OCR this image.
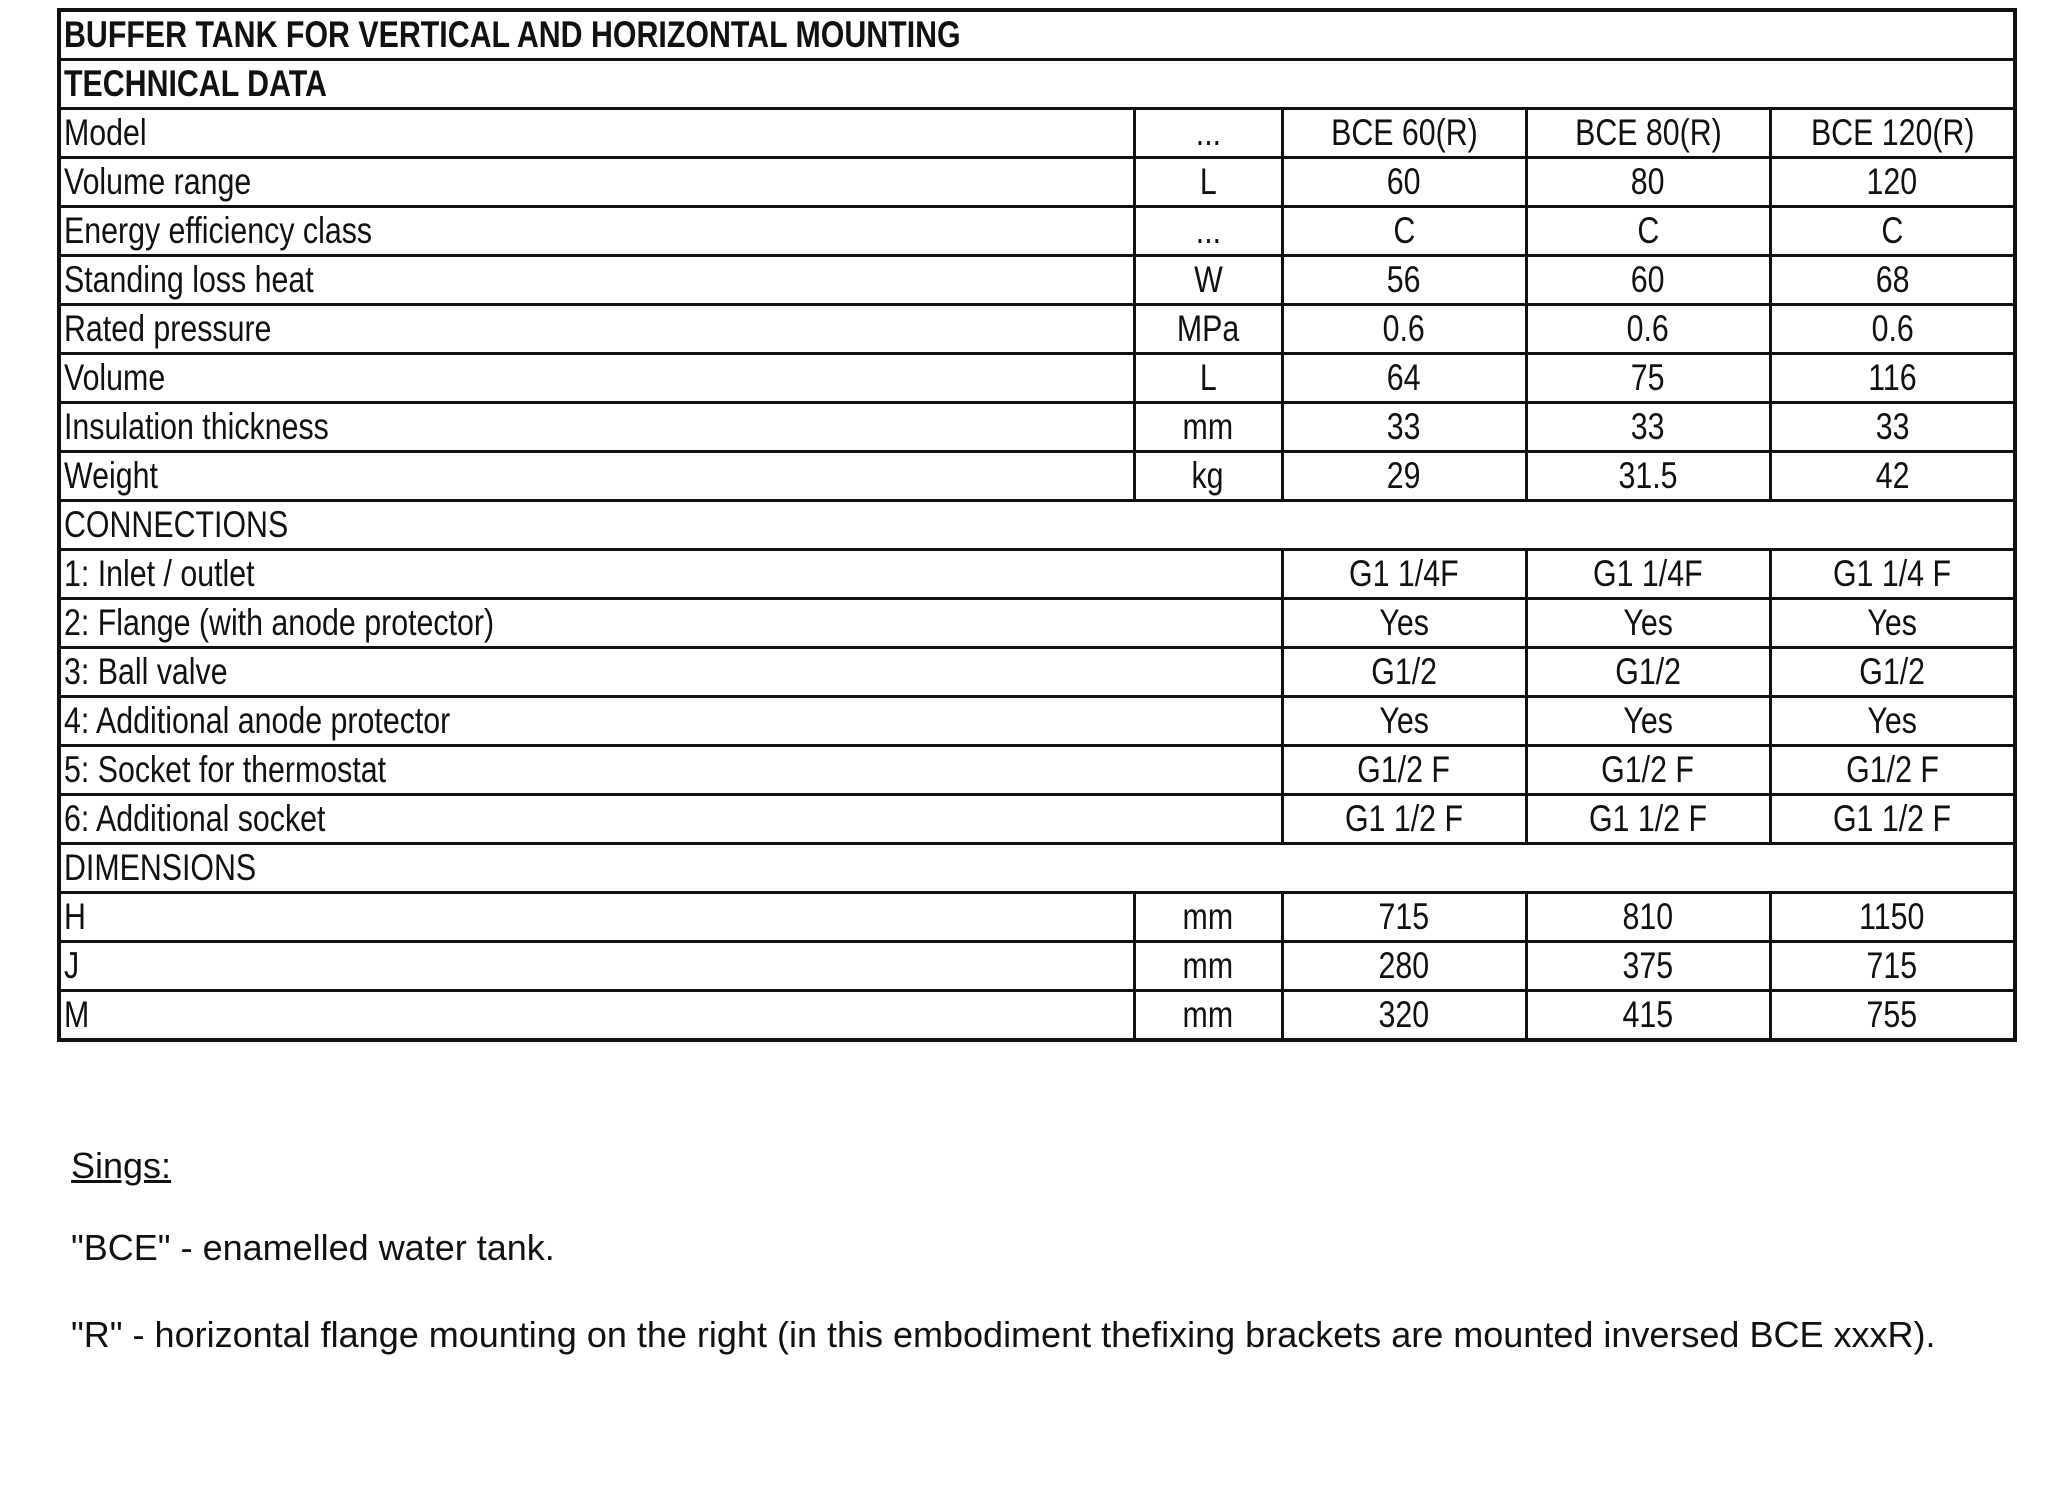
BUFFER TANK FOR VERTICAL AND HORIZONTAL MOUNTING				
TECHNICAL DATA				
Model	...	BCE 60(R)	BCE 80(R)	BCE 120(R)
Volume range	L	60	80	120
Energy efficiency class	...	C	C	C
Standing loss heat	W	56	60	68
Rated pressure	MPa	0.6	0.6	0.6
Volume	L	64	75	116
Insulation thickness	mm	33	33	33
Weight	kg	29	31.5	42
CONNECTIONS				
1: Inlet / outlet		G1 1/4F	G1 1/4F	G1 1/4 F
2: Flange (with anode protector)		Yes	Yes	Yes
3: Ball valve		G1/2	G1/2	G1/2
4: Additional anode protector		Yes	Yes	Yes
5: Socket for thermostat		G1/2 F	G1/2 F	G1/2 F
6: Additional socket		G1 1/2 F	G1 1/2 F	G1 1/2 F
DIMENSIONS				
H	mm	715	810	1150
J	mm	280	375	715
M	mm	320	415	755
Sings:
"BCE" - enamelled water tank.
"R" - horizontal flange mounting on the right (in this embodiment thefixing brackets are mounted inversed BCE xxxR).
